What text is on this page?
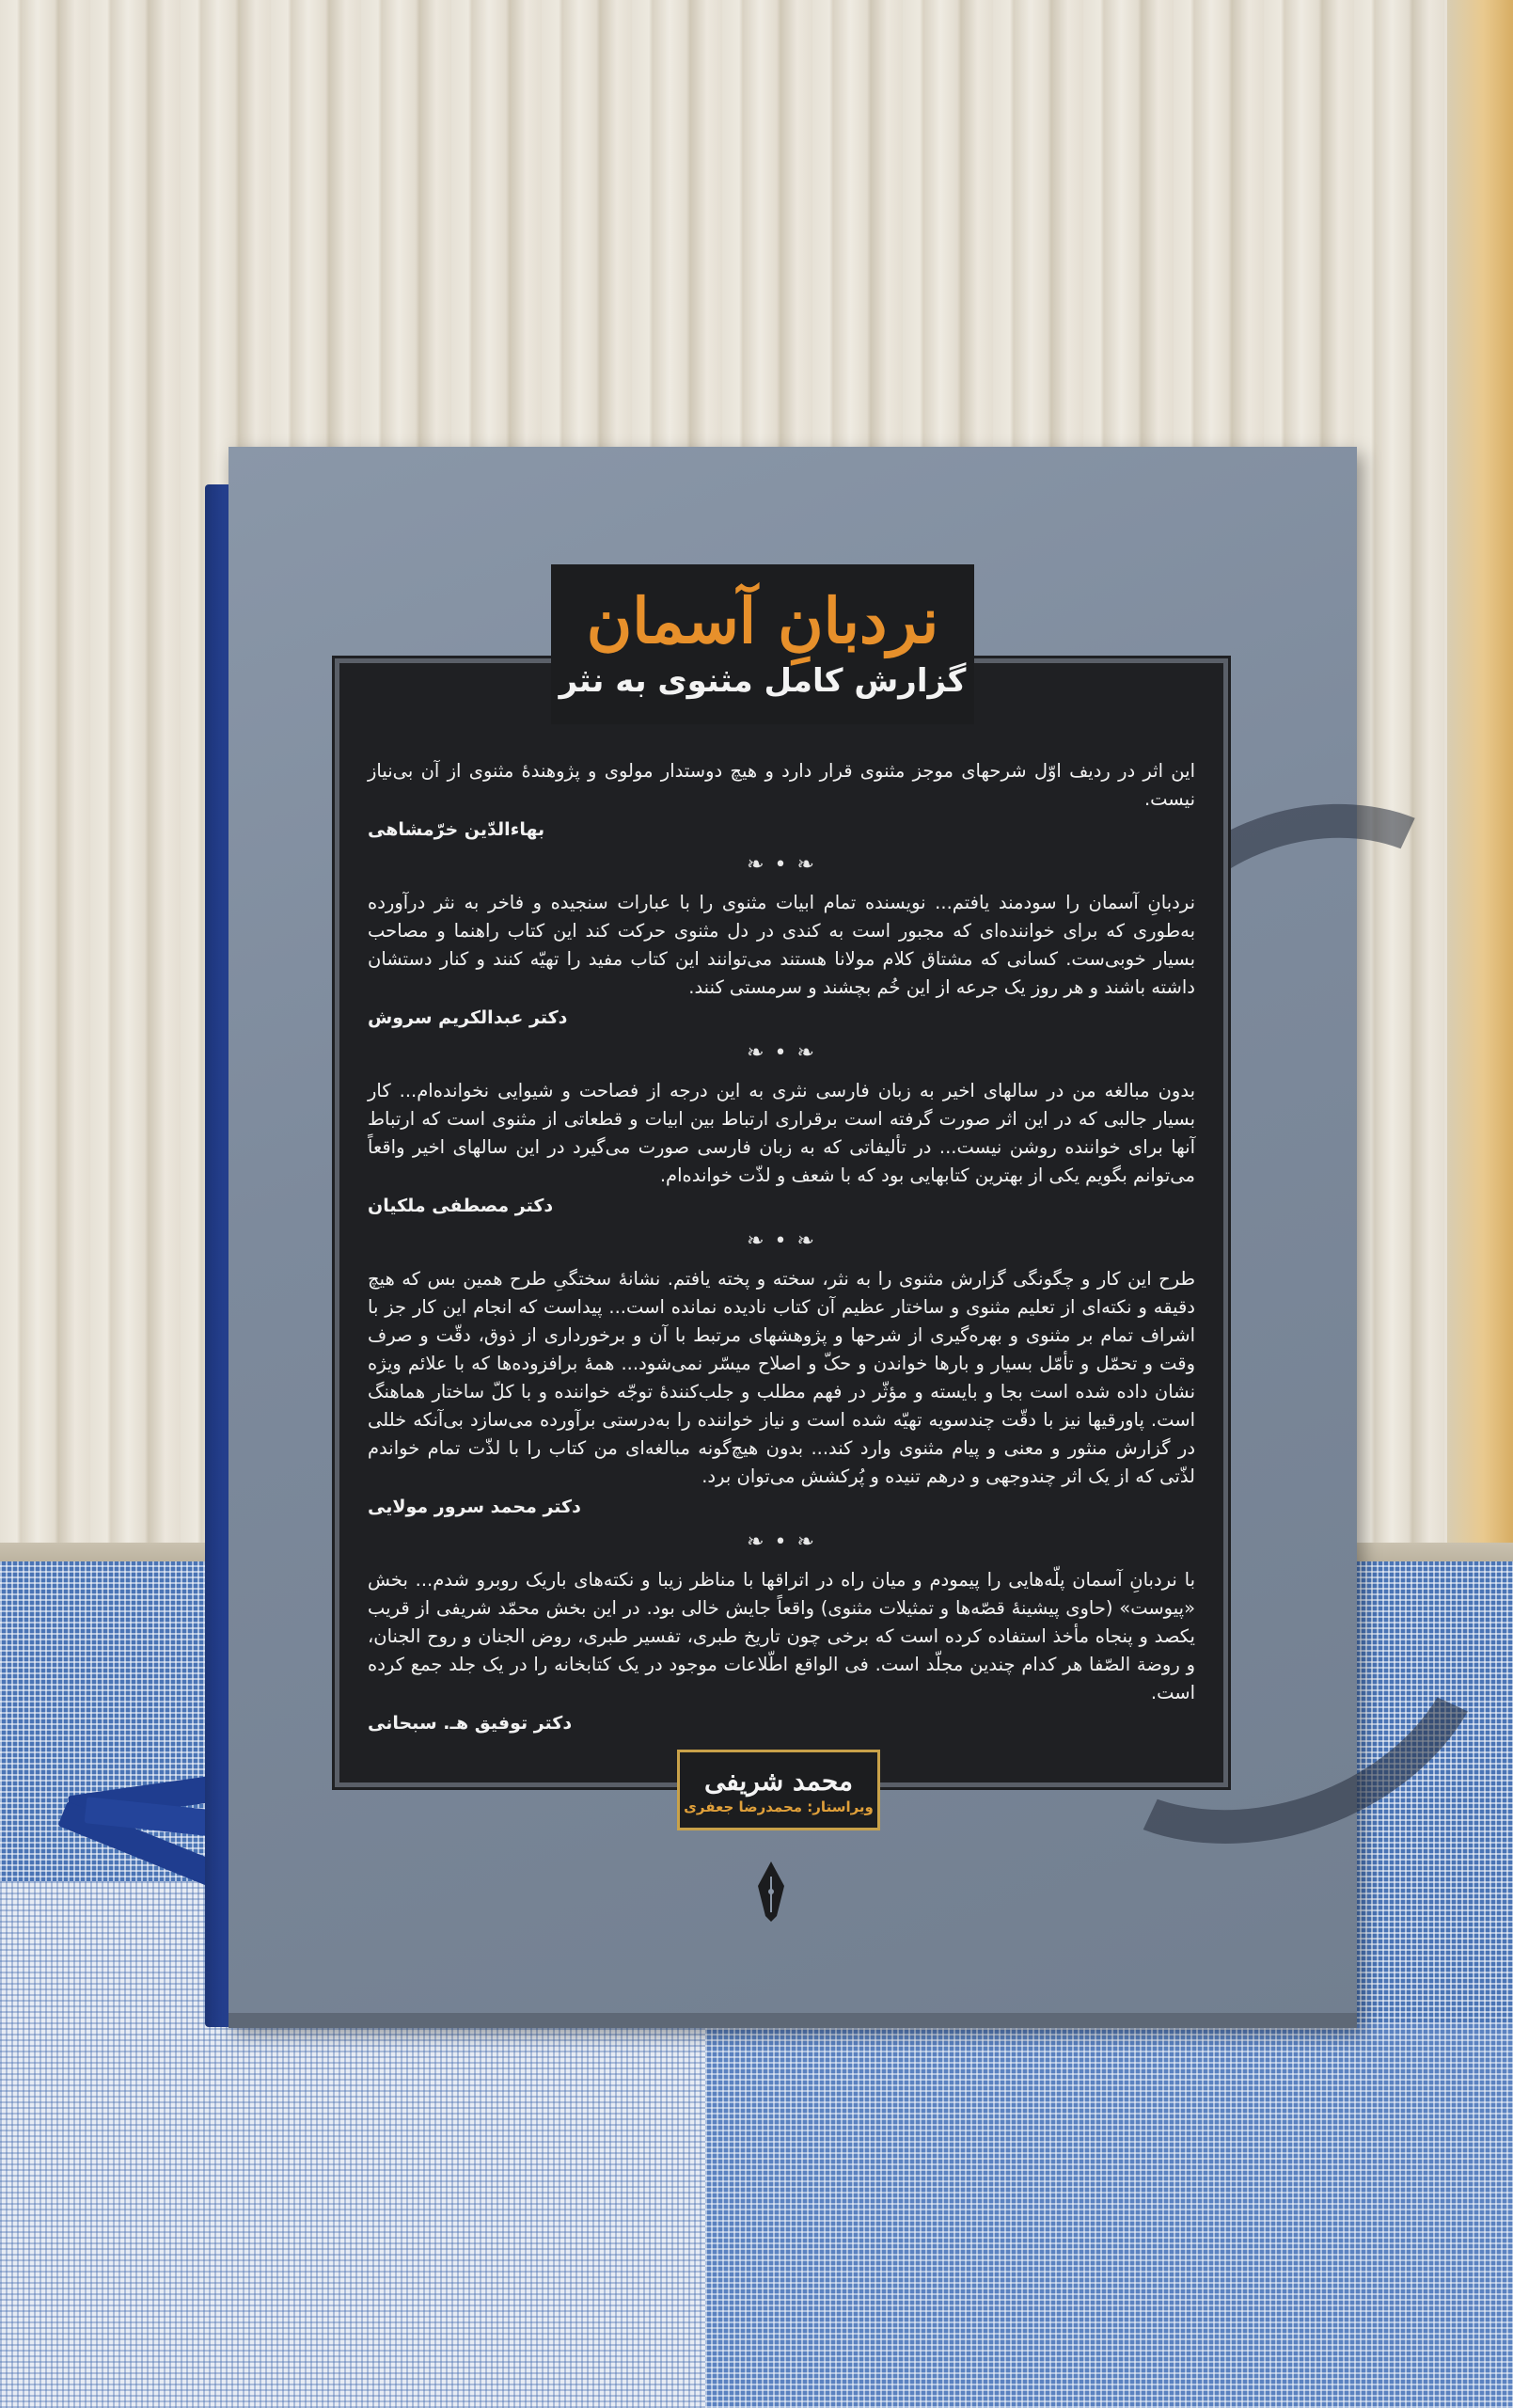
نردبانِ آسمان
گزارش کامل مثنوی به نثر

این اثر در ردیف اوّل شرحهای موجز مثنوی قرار دارد و هیچ دوستدار مولوی و پژوهندهٔ مثنوی از آن بی‌نیاز نیست.

بهاءالدّین خرّمشاهی

❧ • ❧

نردبانِ آسمان را سودمند یافتم... نویسنده تمام ابیات مثنوی را با عبارات سنجیده و فاخر به نثر درآورده به‌طوری که برای خواننده‌ای که مجبور است به کندی در دل مثنوی حرکت کند این کتاب راهنما و مصاحب بسیار خوبی‌ست. کسانی که مشتاق کلام مولانا هستند می‌توانند این کتاب مفید را تهیّه کنند و کنار دستشان داشته باشند و هر روز یک جرعه از این خُم بچشند و سرمستی کنند.

دکتر عبدالکریم سروش

❧ • ❧

بدون مبالغه من در سالهای اخیر به زبان فارسی نثری به این درجه از فصاحت و شیوایی نخوانده‌ام... کار بسیار جالبی که در این اثر صورت گرفته است برقراری ارتباط بین ابیات و قطعاتی از مثنوی است که ارتباط آنها برای خواننده روشن نیست... در تألیفاتی که به زبان فارسی صورت می‌گیرد در این سالهای اخیر واقعاً می‌توانم بگویم یکی از بهترین کتابهایی بود که با شعف و لذّت خوانده‌ام.

دکتر مصطفی ملکیان

❧ • ❧

طرح این کار و چگونگی گزارش مثنوی را به نثر، سخته و پخته یافتم. نشانهٔ سختگیِ طرح همین بس که هیچ دقیقه و نکته‌ای از تعلیم مثنوی و ساختار عظیم آن کتاب نادیده نمانده است... پیداست که انجام این کار جز با اشراف تمام بر مثنوی و بهره‌گیری از شرحها و پژوهشهای مرتبط با آن و برخورداری از ذوق، دقّت و صرف وقت و تحمّل و تأمّل بسیار و بارها خواندن و حکّ و اصلاح میسّر نمی‌شود... همهٔ برافزوده‌ها که با علائم ویژه نشان داده شده است بجا و بایسته و مؤثّر در فهم مطلب و جلب‌کنندهٔ توجّه خواننده و با کلّ ساختار هماهنگ است. پاورقیها نیز با دقّت چندسویه تهیّه شده است و نیاز خواننده را به‌درستی برآورده می‌سازد بی‌آنکه خللی در گزارش منثور و معنی و پیام مثنوی وارد کند... بدون هیچ‌گونه مبالغه‌ای من کتاب را با لذّت تمام خواندم لذّتی که از یک اثر چندوجهی و درهم تنیده و پُرکشش می‌توان برد.

دکتر محمد سرور مولایی

❧ • ❧

با نردبانِ آسمان پلّه‌هایی را پیمودم و میان راه در اتراقها با مناظر زیبا و نکته‌های باریک روبرو شدم... بخش «پیوست» (حاوی پیشینهٔ قصّه‌ها و تمثیلات مثنوی) واقعاً جایش خالی بود. در این بخش محمّد شریفی از قریب یکصد و پنجاه مأخذ استفاده کرده است که برخی چون تاریخ طبری، تفسیر طبری، روض الجنان و روح الجنان، و روضة الصّفا هر کدام چندین مجلّد است. فی الواقع اطّلاعات موجود در یک کتابخانه را در یک جلد جمع کرده است.

دکتر توفیق هـ. سبحانی

محمد شریفی
ویراستار: محمدرضا جعفری
